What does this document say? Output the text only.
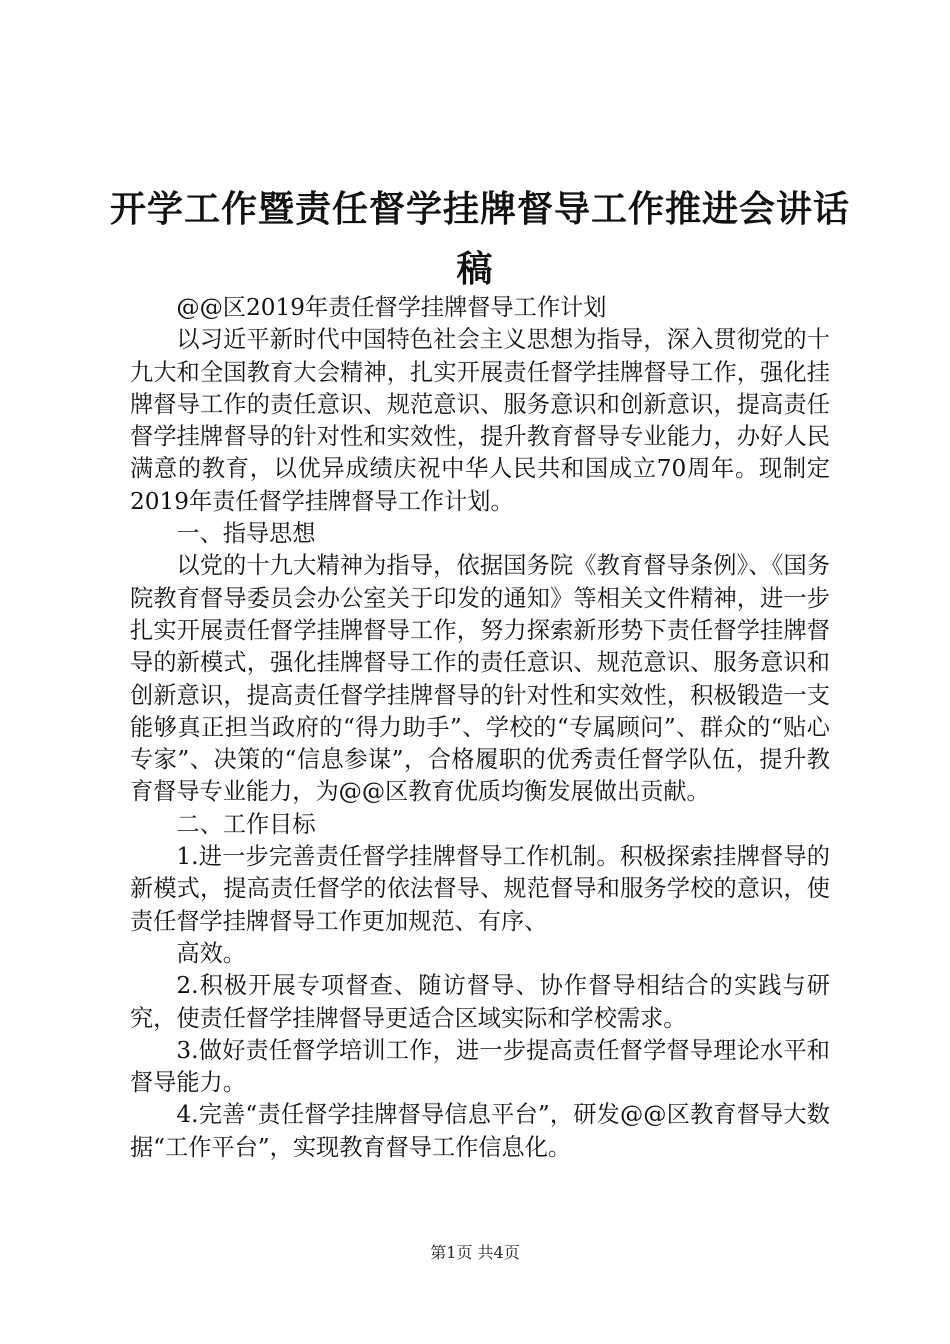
开学工作暨责任督学挂牌督导工作推进会讲话
稿

@@区2019年责任督学挂牌督导工作计划

以习近平新时代中国特色社会主义思想为指导，深入贯彻党的十九大和全国教育大会精神，扎实开展责任督学挂牌督导工作，强化挂牌督导工作的责任意识、规范意识、服务意识和创新意识，提高责任督学挂牌督导的针对性和实效性，提升教育督导专业能力，办好人民满意的教育，以优异成绩庆祝中华人民共和国成立70周年。现制定2019年责任督学挂牌督导工作计划。

一、指导思想

以党的十九大精神为指导，依据国务院《教育督导条例》、《国务院教育督导委员会办公室关于印发的通知》等相关文件精神，进一步扎实开展责任督学挂牌督导工作，努力探索新形势下责任督学挂牌督导的新模式，强化挂牌督导工作的责任意识、规范意识、服务意识和创新意识，提高责任督学挂牌督导的针对性和实效性，积极锻造一支能够真正担当政府的“得力助手”、学校的“专属顾问”、群众的“贴心专家”、决策的“信息参谋”，合格履职的优秀责任督学队伍，提升教育督导专业能力，为@@区教育优质均衡发展做出贡献。

二、工作目标

1.进一步完善责任督学挂牌督导工作机制。积极探索挂牌督导的新模式，提高责任督学的依法督导、规范督导和服务学校的意识，使责任督学挂牌督导工作更加规范、有序、

高效。

2.积极开展专项督查、随访督导、协作督导相结合的实践与研究，使责任督学挂牌督导更适合区域实际和学校需求。

3.做好责任督学培训工作，进一步提高责任督学督导理论水平和督导能力。

4.完善“责任督学挂牌督导信息平台”，研发@@区教育督导大数据“工作平台”，实现教育督导工作信息化。

第1页 共4页
